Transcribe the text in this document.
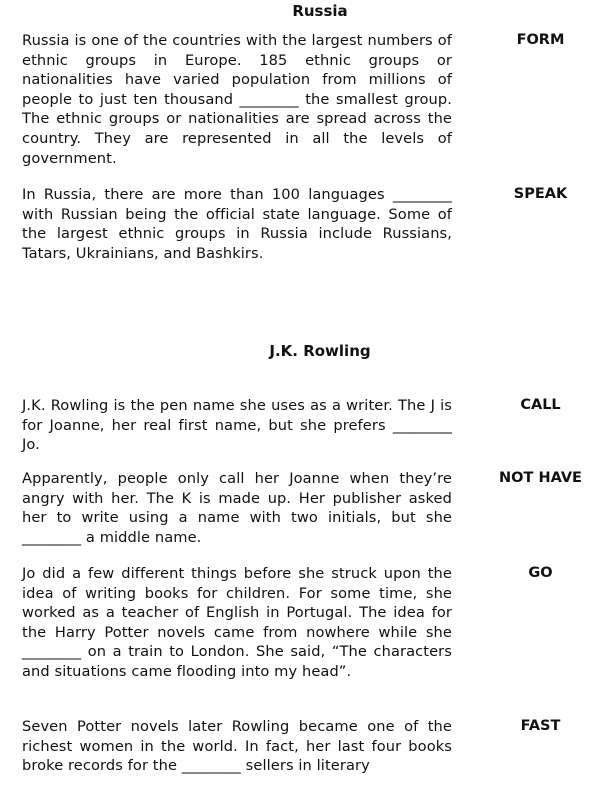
Russia

Russia is one of the countries with the largest numbers of ethnic groups in Europe. 185 ethnic groups or nationalities have varied population from millions of people to just ten thousand ________ the smallest group. The ethnic groups or nationalities are spread across the country. They are represented in all the levels of government.

FORM

In Russia, there are more than 100 languages ________ with Russian being the official state language. Some of the largest ethnic groups in Russia include Russians, Tatars, Ukrainians, and Bashkirs.

SPEAK
J.K. Rowling

J.K. Rowling is the pen name she uses as a writer. The J is for Joanne, her real first name, but she prefers ________ Jo.

CALL

Apparently, people only call her Joanne when they’re angry with her. The K is made up. Her publisher asked her to write using a name with two initials, but she ________ a middle name.

NOT HAVE

Jo did a few different things before she struck upon the idea of writing books for children. For some time, she worked as a teacher of English in Portugal. The idea for the Harry Potter novels came from nowhere while she ________ on a train to London. She said, “The characters and situations came flooding into my head”.

GO

Seven Potter novels later Rowling became one of the richest women in the world. In fact, her last four books broke records for the ________ sellers in literary

FAST
